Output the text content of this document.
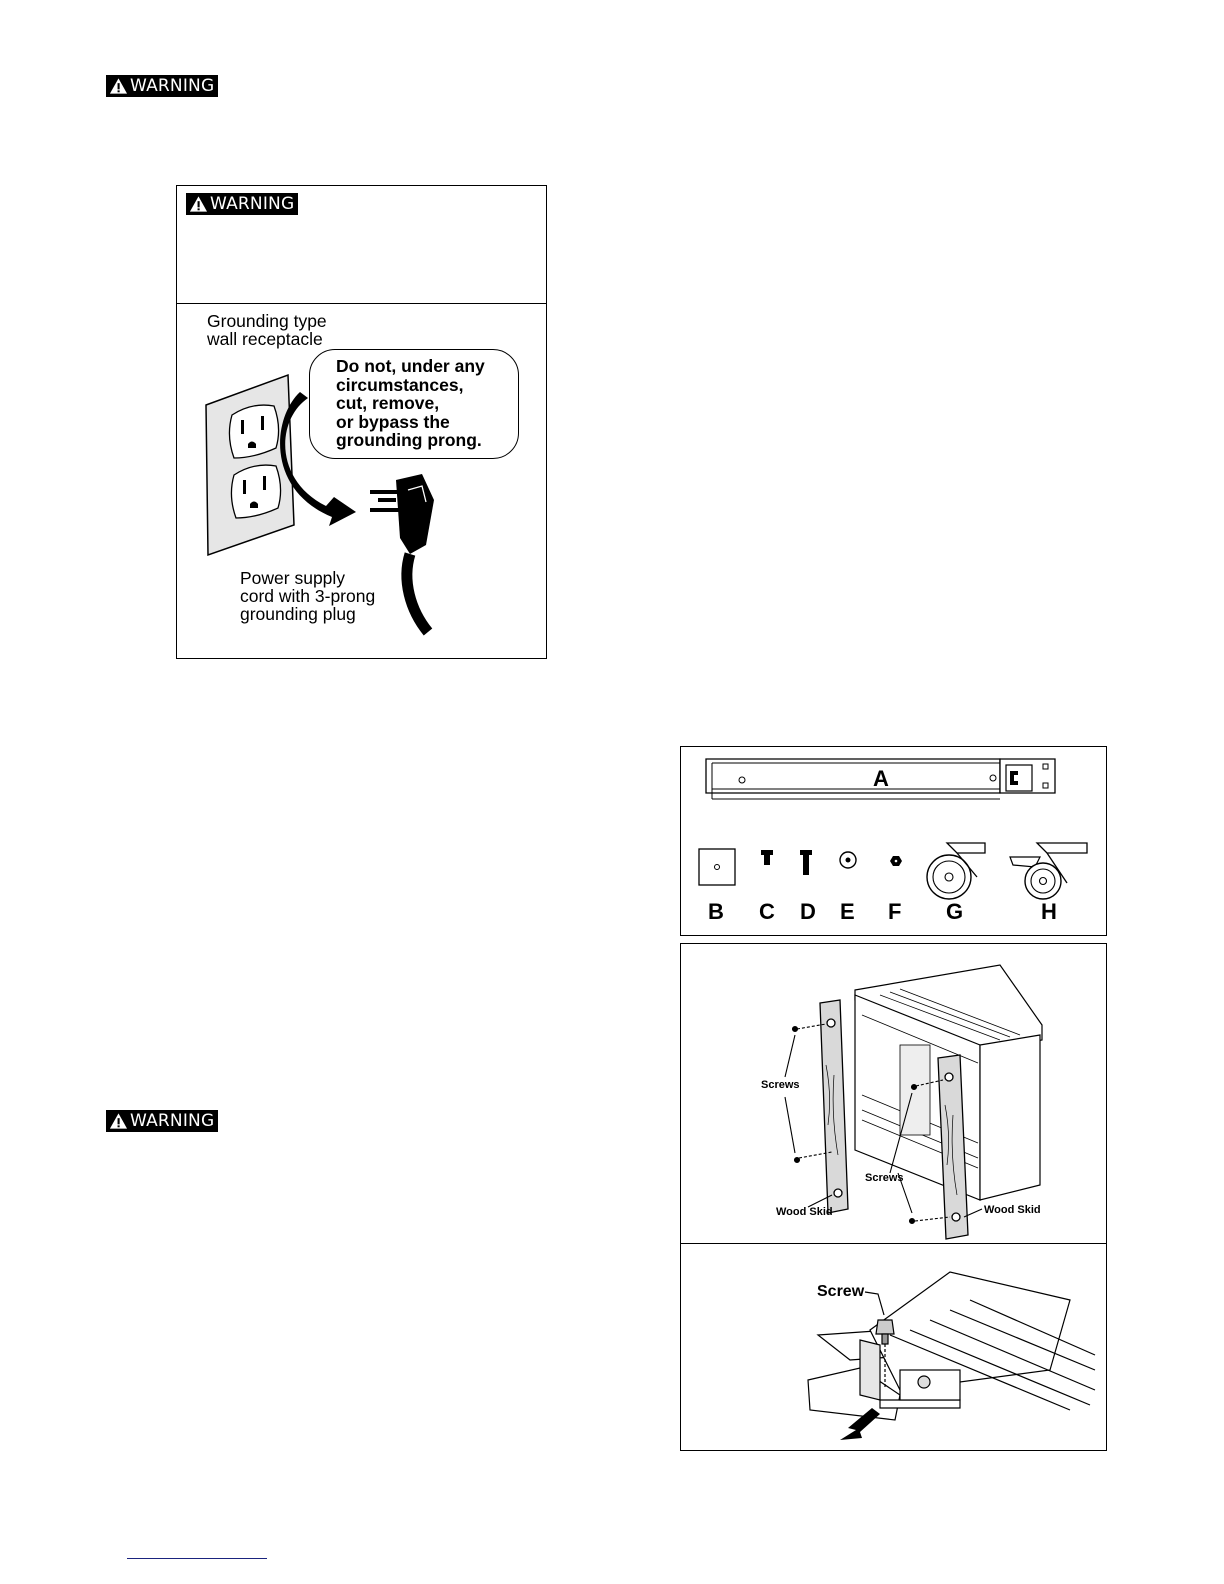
WARNING
WARNING
Grounding type
wall receptacle
Do not, under any
circumstances,
cut, remove,
or bypass the
grounding prong.
Power supply
cord with 3-prong
grounding plug
A
B C D E F G	H
Screws
Screws
Wood Skid	Wood Skid
Screw
WARNING
